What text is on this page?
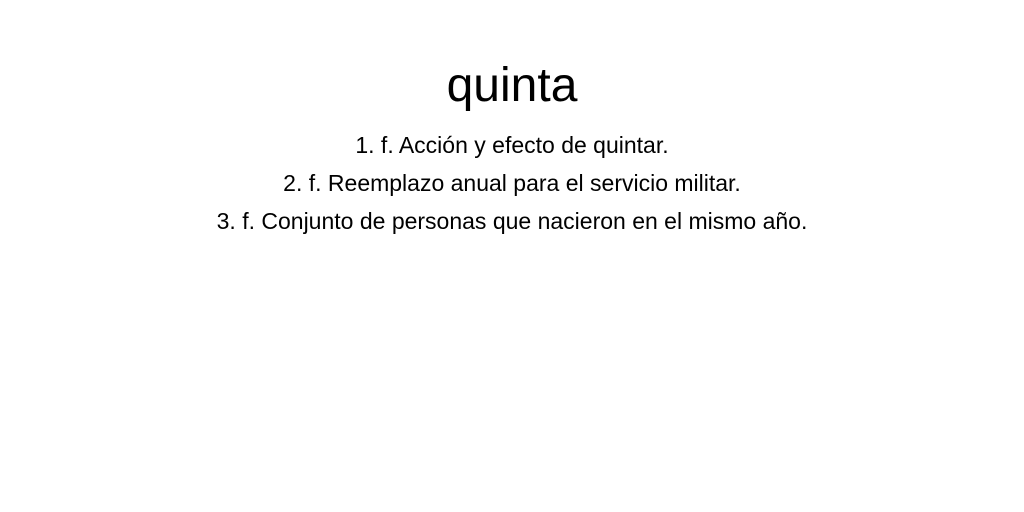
quinta
1. f. Acción y efecto de quintar.
2. f. Reemplazo anual para el servicio militar.
3. f. Conjunto de personas que nacieron en el mismo año.
